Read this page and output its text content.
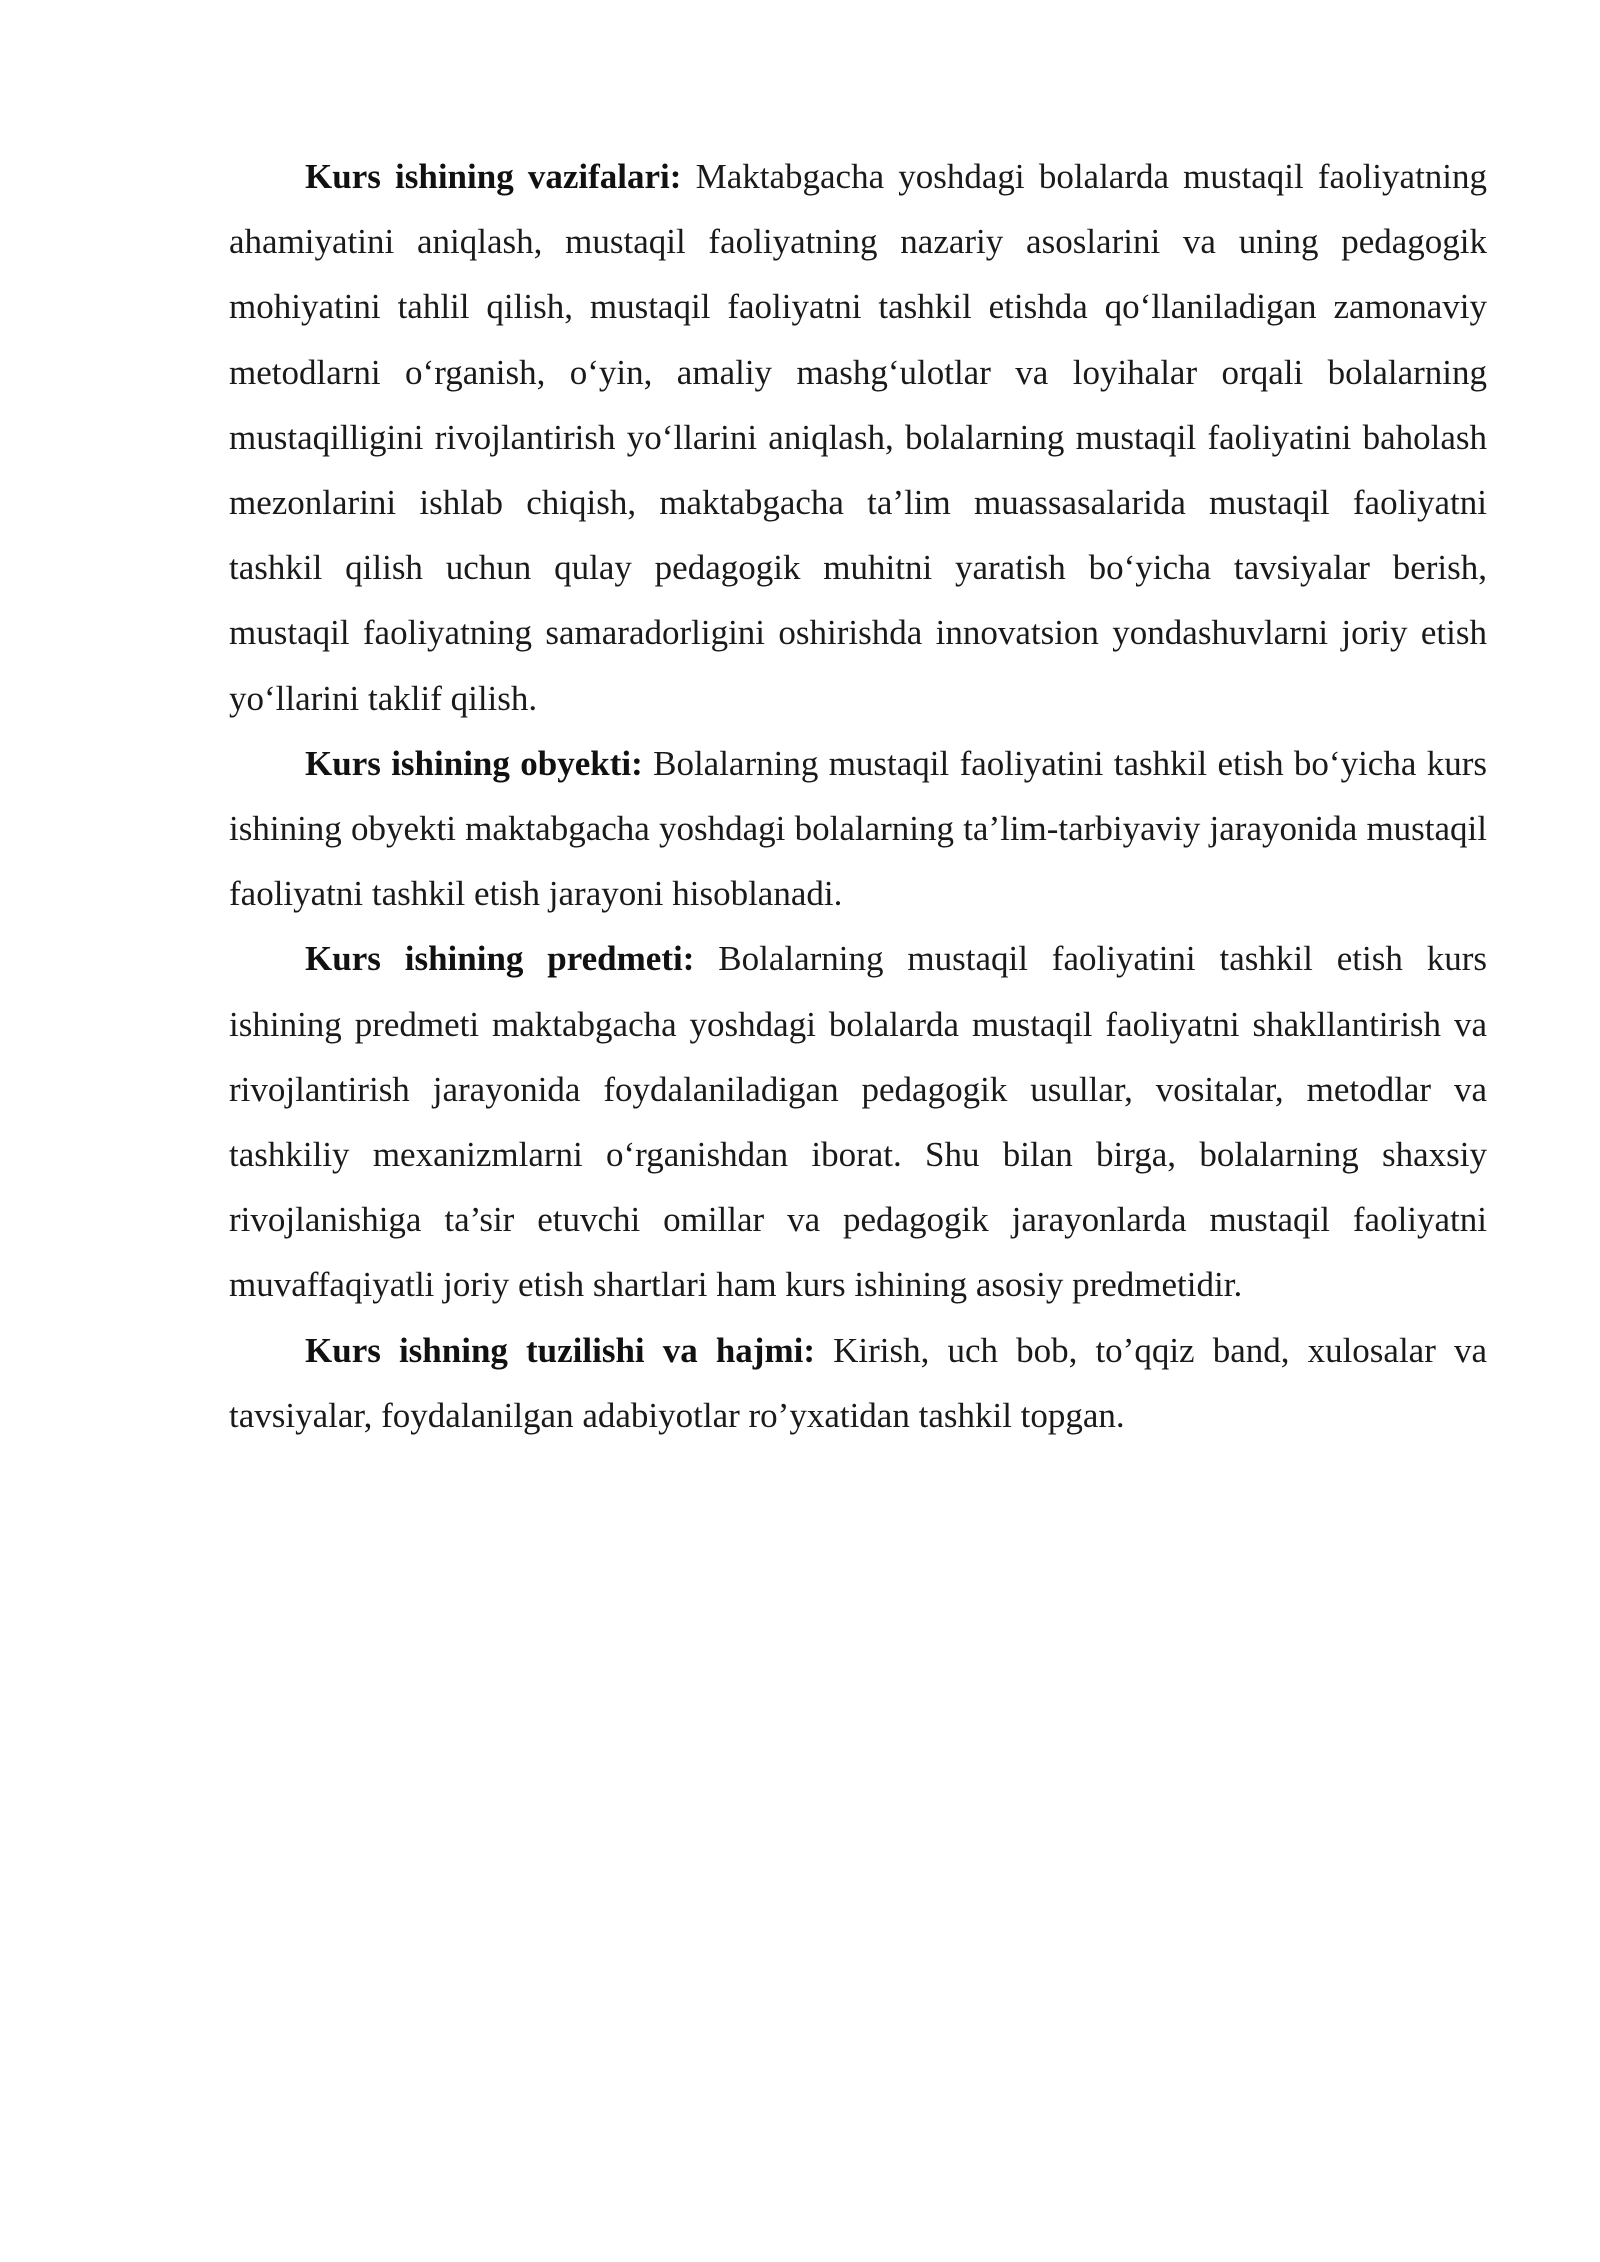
Kurs ishining vazifalari: Maktabgacha yoshdagi bolalarda mustaqil faoliyatning ahamiyatini aniqlash, mustaqil faoliyatning nazariy asoslarini va uning pedagogik mohiyatini tahlil qilish, mustaqil faoliyatni tashkil etishda qo‘llaniladigan zamonaviy metodlarni o‘rganish, o‘yin, amaliy mashg‘ulotlar va loyihalar orqali bolalarning mustaqilligini rivojlantirish yo‘llarini aniqlash, bolalarning mustaqil faoliyatini baholash mezonlarini ishlab chiqish, maktabgacha ta’lim muassasalarida mustaqil faoliyatni tashkil qilish uchun qulay pedagogik muhitni yaratish bo‘yicha tavsiyalar berish, mustaqil faoliyatning samaradorligini oshirishda innovatsion yondashuvlarni joriy etish yo‘llarini taklif qilish.

Kurs ishining obyekti: Bolalarning mustaqil faoliyatini tashkil etish bo‘yicha kurs ishining obyekti maktabgacha yoshdagi bolalarning ta’lim-tarbiyaviy jarayonida mustaqil faoliyatni tashkil etish jarayoni hisoblanadi.

Kurs ishining predmeti: Bolalarning mustaqil faoliyatini tashkil etish kurs ishining predmeti maktabgacha yoshdagi bolalarda mustaqil faoliyatni shakllantirish va rivojlantirish jarayonida foydalaniladigan pedagogik usullar, vositalar, metodlar va tashkiliy mexanizmlarni o‘rganishdan iborat. Shu bilan birga, bolalarning shaxsiy rivojlanishiga ta’sir etuvchi omillar va pedagogik jarayonlarda mustaqil faoliyatni muvaffaqiyatli joriy etish shartlari ham kurs ishining asosiy predmetidir.

Kurs ishning tuzilishi va hajmi: Kirish, uch bob, to’qqiz band, xulosalar va tavsiyalar, foydalanilgan adabiyotlar ro’yxatidan tashkil topgan.
